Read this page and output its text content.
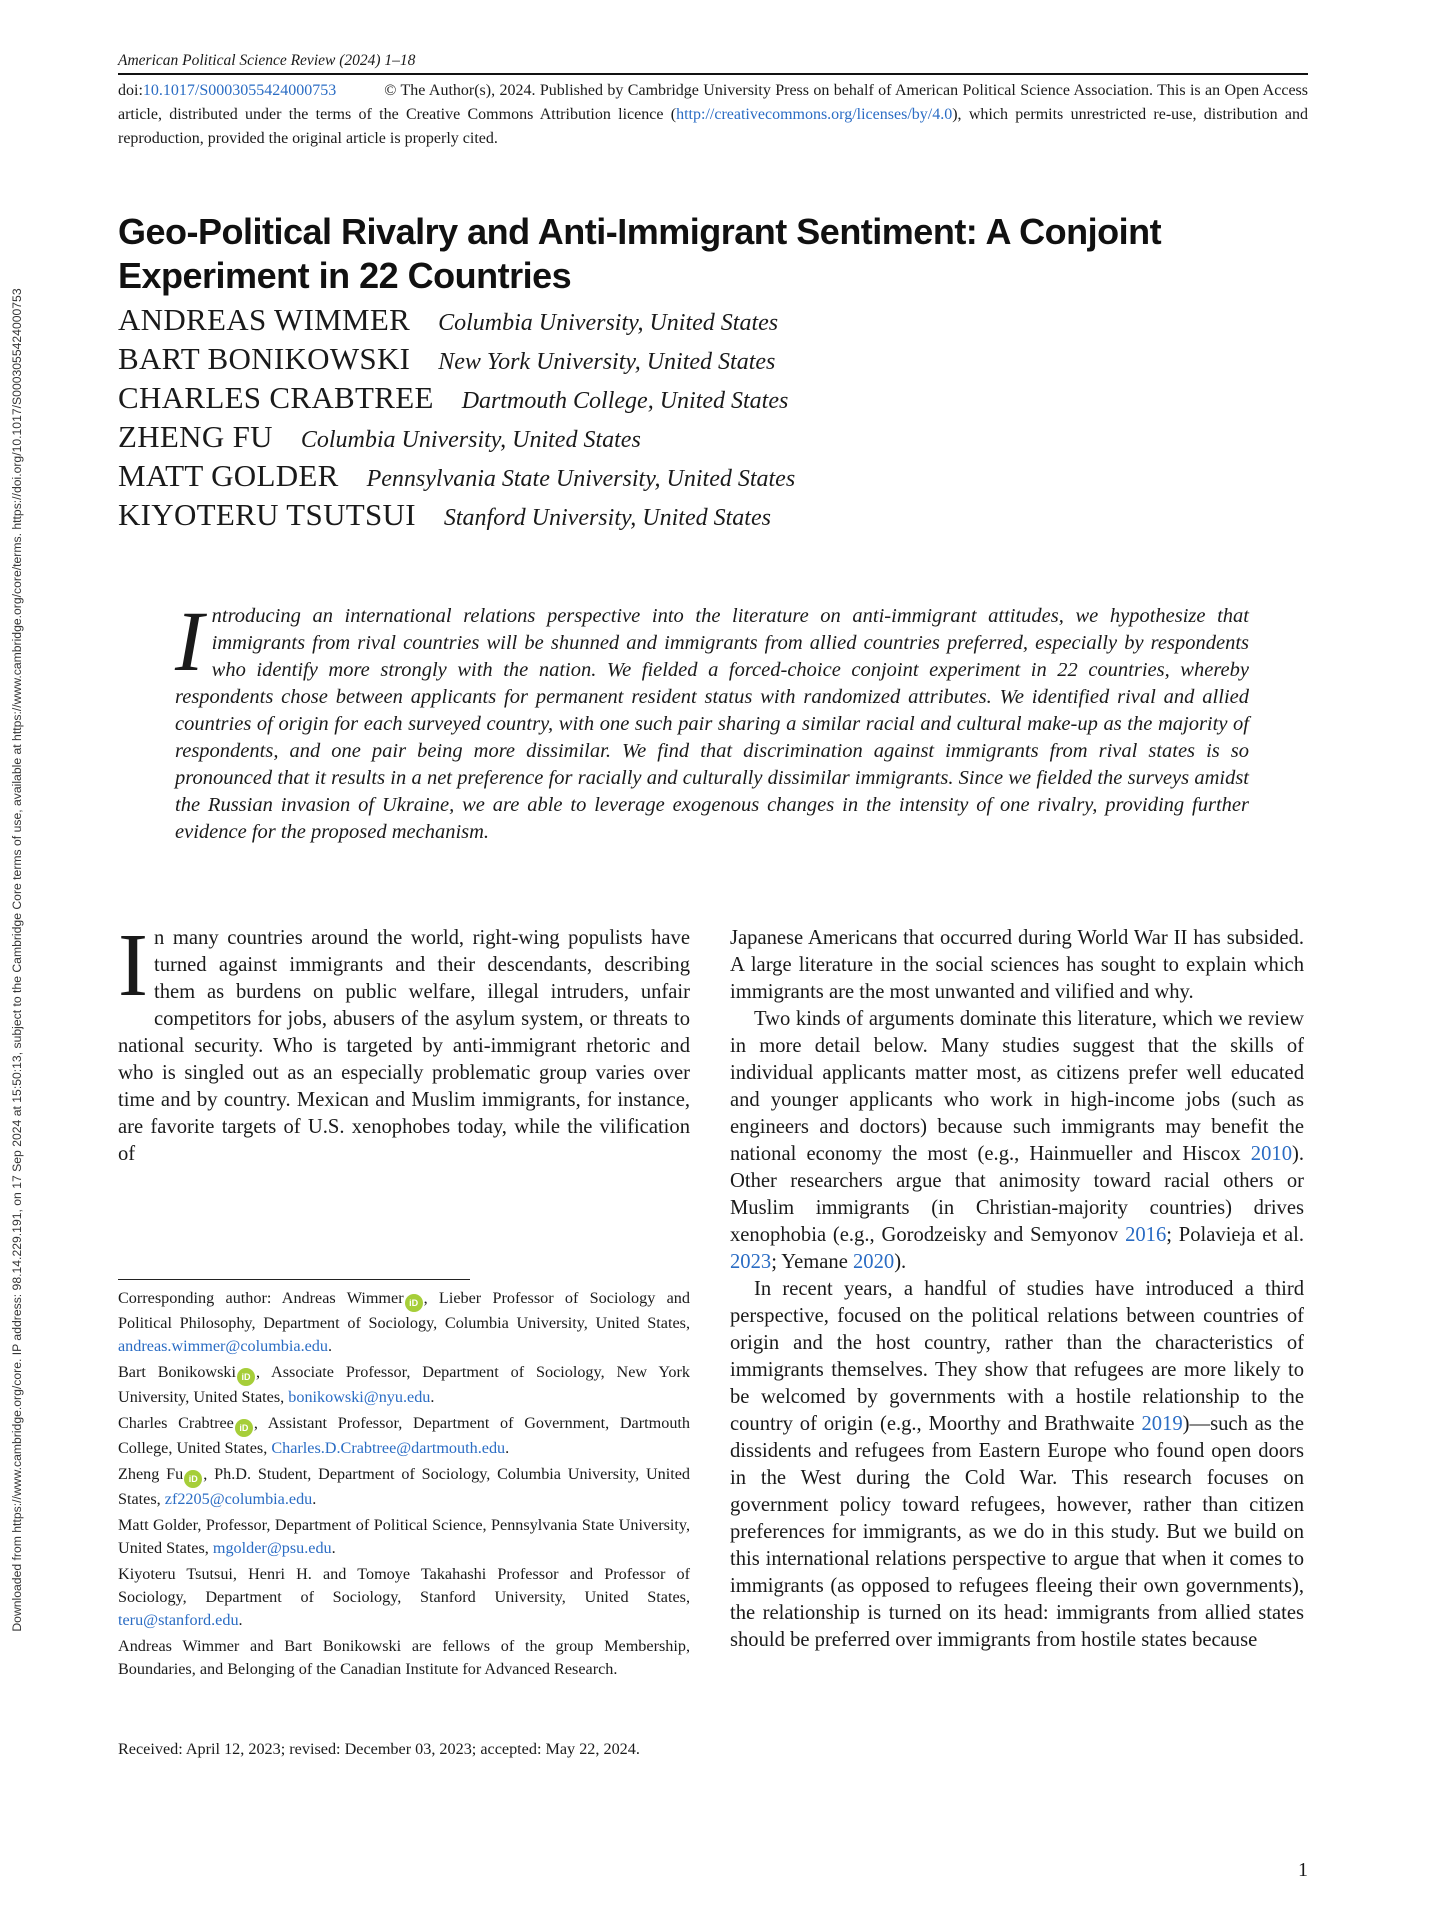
Downloaded from https://www.cambridge.org/core. IP address: 98.14.229.191, on 17 Sep 2024 at 15:50:13, subject to the Cambridge Core terms of use, available at https://www.cambridge.org/core/terms. https://doi.org/10.1017/S0003055424000753
American Political Science Review (2024) 1–18
doi:10.1017/S0003055424000753	© The Author(s), 2024. Published by Cambridge University Press on behalf of American Political Science Association. This is an Open Access article, distributed under the terms of the Creative Commons Attribution licence (http://creativecommons.org/licenses/by/4.0), which permits unrestricted re-use, distribution and reproduction, provided the original article is properly cited.
Geo-Political Rivalry and Anti-Immigrant Sentiment: A Conjoint Experiment in 22 Countries
ANDREAS WIMMER Columbia University, United States
BART BONIKOWSKI New York University, United States
CHARLES CRABTREE Dartmouth College, United States
ZHENG FU Columbia University, United States
MATT GOLDER Pennsylvania State University, United States
KIYOTERU TSUTSUI Stanford University, United States
Introducing an international relations perspective into the literature on anti-immigrant attitudes, we hypothesize that immigrants from rival countries will be shunned and immigrants from allied countries preferred, especially by respondents who identify more strongly with the nation. We fielded a forced-choice conjoint experiment in 22 countries, whereby respondents chose between applicants for permanent resident status with randomized attributes. We identified rival and allied countries of origin for each surveyed country, with one such pair sharing a similar racial and cultural make-up as the majority of respondents, and one pair being more dissimilar. We find that discrimination against immigrants from rival states is so pronounced that it results in a net preference for racially and culturally dissimilar immigrants. Since we fielded the surveys amidst the Russian invasion of Ukraine, we are able to leverage exogenous changes in the intensity of one rivalry, providing further evidence for the proposed mechanism.
In many countries around the world, right-wing populists have turned against immigrants and their descendants, describing them as burdens on public welfare, illegal intruders, unfair competitors for jobs, abusers of the asylum system, or threats to national security. Who is targeted by anti-immigrant rhetoric and who is singled out as an especially problematic group varies over time and by country. Mexican and Muslim immigrants, for instance, are favorite targets of U.S. xenophobes today, while the vilification of

Japanese Americans that occurred during World War II has subsided. A large literature in the social sciences has sought to explain which immigrants are the most unwanted and vilified and why.

Two kinds of arguments dominate this literature, which we review in more detail below. Many studies suggest that the skills of individual applicants matter most, as citizens prefer well educated and younger applicants who work in high-income jobs (such as engineers and doctors) because such immigrants may benefit the national economy the most (e.g., Hainmueller and Hiscox 2010). Other researchers argue that animosity toward racial others or Muslim immigrants (in Christian-majority countries) drives xenophobia (e.g., Gorodzeisky and Semyonov 2016; Polavieja et al. 2023; Yemane 2020).

In recent years, a handful of studies have introduced a third perspective, focused on the political relations between countries of origin and the host country, rather than the characteristics of immigrants themselves. They show that refugees are more likely to be welcomed by governments with a hostile relationship to the country of origin (e.g., Moorthy and Brathwaite 2019)—such as the dissidents and refugees from Eastern Europe who found open doors in the West during the Cold War. This research focuses on government policy toward refugees, however, rather than citizen preferences for immigrants, as we do in this study. But we build on this international relations perspective to argue that when it comes to immigrants (as opposed to refugees fleeing their own governments), the relationship is turned on its head: immigrants from allied states should be preferred over immigrants from hostile states because

Corresponding author: Andreas Wimmer iD , Lieber Professor of Sociology and Political Philosophy, Department of Sociology, Columbia University, United States, andreas.wimmer@columbia.edu.

Bart Bonikowski iD , Associate Professor, Department of Sociology, New York University, United States, bonikowski@nyu.edu.

Charles Crabtree iD , Assistant Professor, Department of Government, Dartmouth College, United States, Charles.D.Crabtree@dartmouth.edu.

Zheng Fu iD , Ph.D. Student, Department of Sociology, Columbia University, United States, zf2205@columbia.edu.

Matt Golder, Professor, Department of Political Science, Pennsylvania State University, United States, mgolder@psu.edu.

Kiyoteru Tsutsui, Henri H. and Tomoye Takahashi Professor and Professor of Sociology, Department of Sociology, Stanford University, United States, teru@stanford.edu.

Andreas Wimmer and Bart Bonikowski are fellows of the group Membership, Boundaries, and Belonging of the Canadian Institute for Advanced Research.

Received: April 12, 2023; revised: December 03, 2023; accepted: May 22, 2024.
1
